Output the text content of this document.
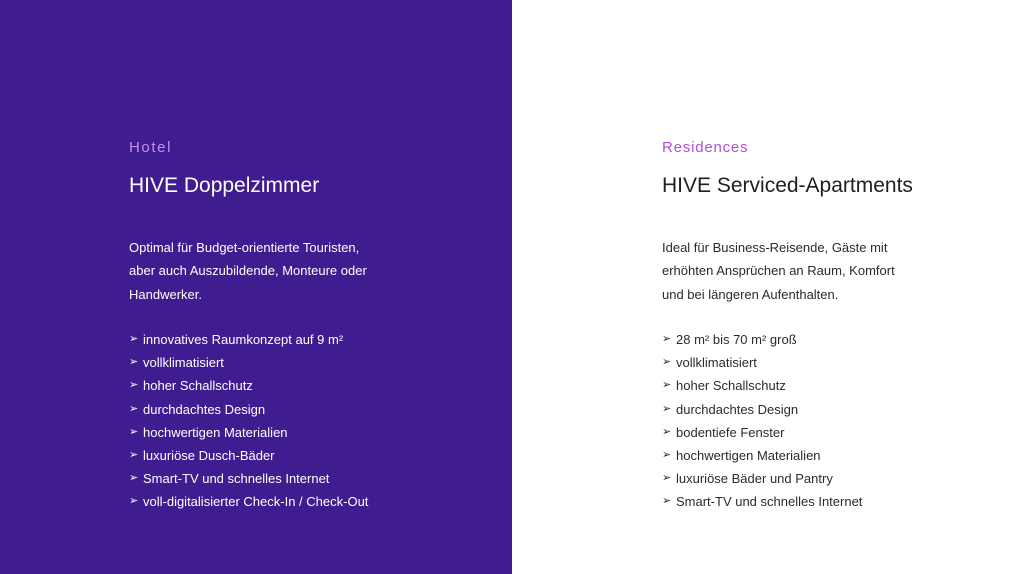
Hotel

HIVE Doppelzimmer

Optimal für Budget-orientierte Touristen,
aber auch Auszubildende, Monteure oder
Handwerker.

➢ innovatives Raumkonzept auf 9 m²
➢ vollklimatisiert
➢ hoher Schallschutz
➢ durchdachtes Design
➢ hochwertigen Materialien
➢ luxuriöse Dusch-Bäder
➢ Smart-TV und schnelles Internet
➢ voll-digitalisierter Check-In / Check-Out

Residences

HIVE Serviced-Apartments

Ideal für Business-Reisende, Gäste mit
erhöhten Ansprüchen an Raum, Komfort
und bei längeren Aufenthalten.

➢ 28 m² bis 70 m² groß
➢ vollklimatisiert
➢ hoher Schallschutz
➢ durchdachtes Design
➢ bodentiefe Fenster
➢ hochwertigen Materialien
➢ luxuriöse Bäder und Pantry
➢ Smart-TV und schnelles Internet
